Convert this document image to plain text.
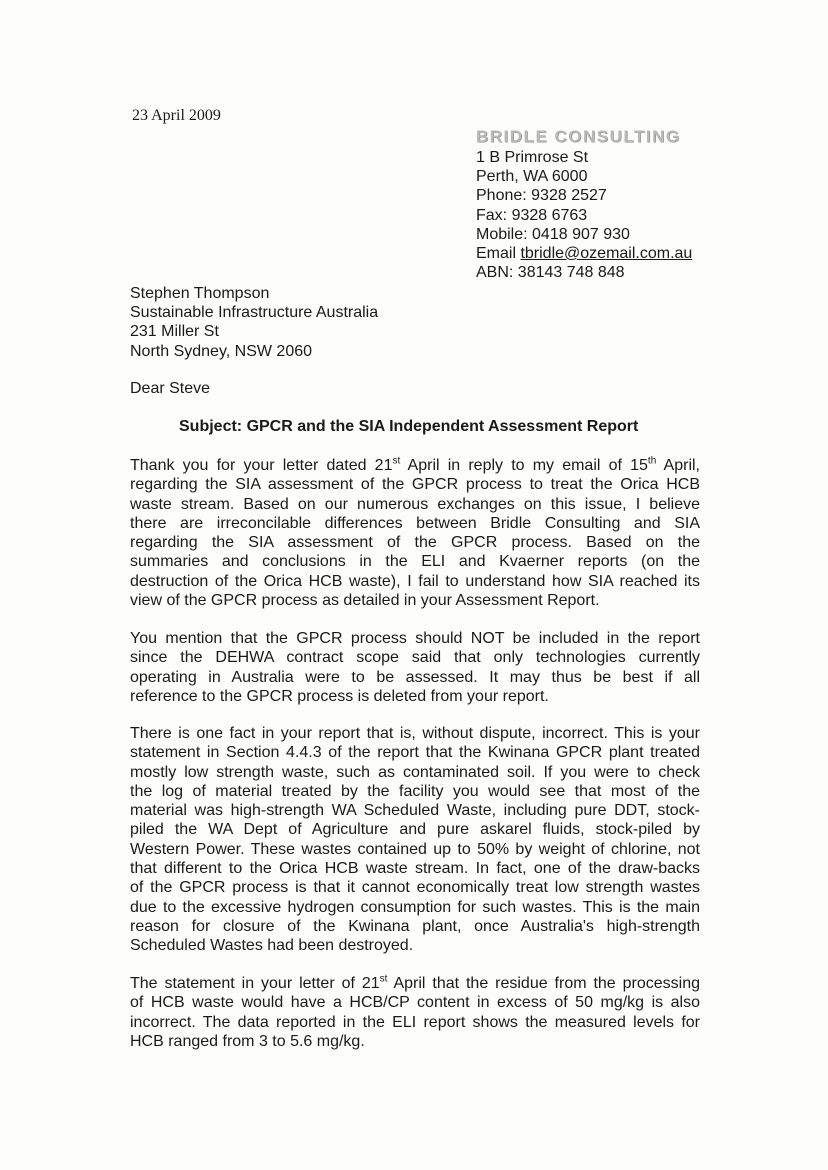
23 April 2009
BRIDLE CONSULTING
1 B Primrose St
Perth, WA 6000
Phone: 9328 2527
Fax: 9328 6763
Mobile: 0418 907 930
Email tbridle@ozemail.com.au
ABN: 38143 748 848
Stephen Thompson
Sustainable Infrastructure Australia
231 Miller St
North Sydney, NSW 2060
Dear Steve
Subject: GPCR and the SIA Independent Assessment Report
Thank you for your letter dated 21st April in reply to my email of 15th April,
regarding the SIA assessment of the GPCR process to treat the Orica HCB
waste stream. Based on our numerous exchanges on this issue, I believe
there are irreconcilable differences between Bridle Consulting and SIA
regarding the SIA assessment of the GPCR process. Based on the
summaries and conclusions in the ELI and Kvaerner reports (on the
destruction of the Orica HCB waste), I fail to understand how SIA reached its
view of the GPCR process as detailed in your Assessment Report.
You mention that the GPCR process should NOT be included in the report
since the DEHWA contract scope said that only technologies currently
operating in Australia were to be assessed. It may thus be best if all
reference to the GPCR process is deleted from your report.
There is one fact in your report that is, without dispute, incorrect. This is your
statement in Section 4.4.3 of the report that the Kwinana GPCR plant treated
mostly low strength waste, such as contaminated soil. If you were to check
the log of material treated by the facility you would see that most of the
material was high-strength WA Scheduled Waste, including pure DDT, stock-
piled the WA Dept of Agriculture and pure askarel fluids, stock-piled by
Western Power. These wastes contained up to 50% by weight of chlorine, not
that different to the Orica HCB waste stream. In fact, one of the draw-backs
of the GPCR process is that it cannot economically treat low strength wastes
due to the excessive hydrogen consumption for such wastes. This is the main
reason for closure of the Kwinana plant, once Australia's high-strength
Scheduled Wastes had been destroyed.
The statement in your letter of 21st April that the residue from the processing
of HCB waste would have a HCB/CP content in excess of 50 mg/kg is also
incorrect. The data reported in the ELI report shows the measured levels for
HCB ranged from 3 to 5.6 mg/kg.
